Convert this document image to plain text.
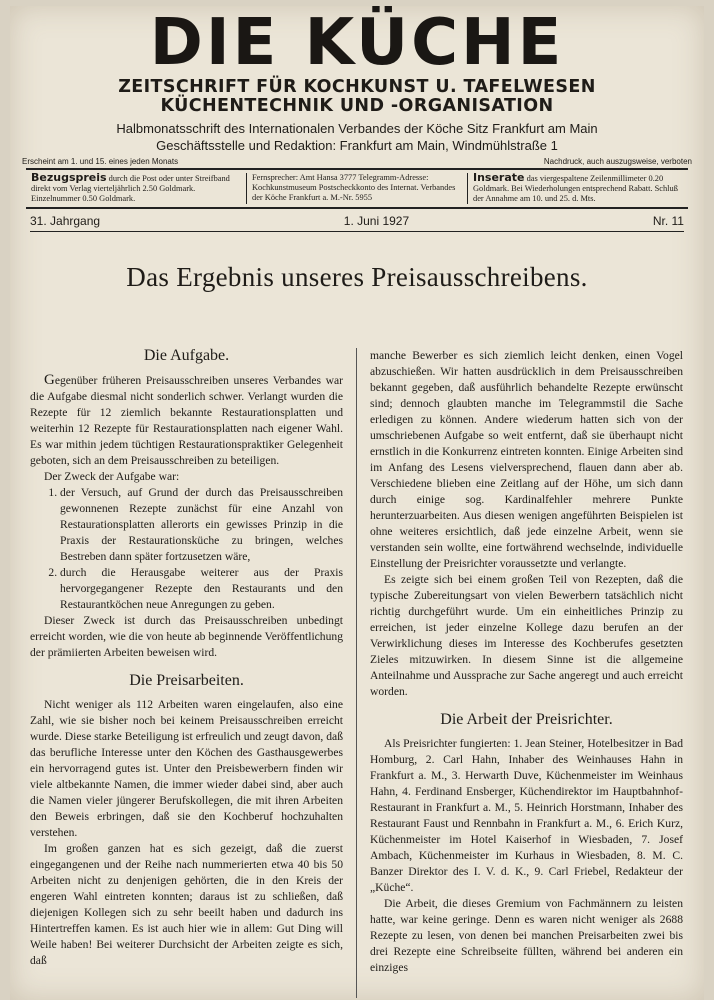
DIE KÜCHE
ZEITSCHRIFT FÜR KOCHKUNST U. TAFELWESEN
KÜCHENTECHNIK UND -ORGANISATION
Halbmonatsschrift des Internationalen Verbandes der Köche Sitz Frankfurt am Main
Geschäftsstelle und Redaktion: Frankfurt am Main, Windmühlstraße 1
Erscheint am 1. und 15. eines jeden Monats	Nachdruck, auch auszugsweise, verboten
Bezugspreis durch die Post oder unter Streifband direkt vom Verlag vierteljährlich 2.50 Goldmark. Einzelnummer 0.50 Goldmark.
Fernsprecher: Amt Hansa 3777 Telegramm-Adresse: Kochkunstmuseum Postscheckkonto des Internat. Verbandes der Köche Frankfurt a. M.-Nr. 5955
Inserate das viergespaltene Zeilenmillimeter 0.20 Goldmark. Bei Wiederholungen entsprechend Rabatt. Schluß der Annahme am 10. und 25. d. Mts.
31. Jahrgang	1. Juni 1927	Nr. 11
Das Ergebnis unseres Preisausschreibens.
Die Aufgabe.

Gegenüber früheren Preisausschreiben unseres Verbandes war die Aufgabe diesmal nicht sonderlich schwer. Verlangt wurden die Rezepte für 12 ziemlich bekannte Restaurationsplatten und weiterhin 12 Rezepte für Restaurationsplatten nach eigener Wahl. Es war mithin jedem tüchtigen Restaurationspraktiker Gelegenheit geboten, sich an dem Preisausschreiben zu beteiligen.

Der Zweck der Aufgabe war:

1. der Versuch, auf Grund der durch das Preisausschreiben gewonnenen Rezepte zunächst für eine Anzahl von Restaurationsplatten allerorts ein gewisses Prinzip in die Praxis der Restaurationsküche zu bringen, welches Bestreben dann später fortzusetzen wäre,
2. durch die Herausgabe weiterer aus der Praxis hervorgegangener Rezepte den Restaurants und den Restaurantköchen neue Anregungen zu geben.

Dieser Zweck ist durch das Preisausschreiben unbedingt erreicht worden, wie die von heute ab beginnende Veröffentlichung der prämiierten Arbeiten beweisen wird.

Die Preisarbeiten.

Nicht weniger als 112 Arbeiten waren eingelaufen, also eine Zahl, wie sie bisher noch bei keinem Preisausschreiben erreicht wurde. Diese starke Beteiligung ist erfreulich und zeugt davon, daß das berufliche Interesse unter den Köchen des Gasthausgewerbes ein hervorragend gutes ist. Unter den Preisbewerbern finden wir viele altbekannte Namen, die immer wieder dabei sind, aber auch die Namen vieler jüngerer Berufskollegen, die mit ihren Arbeiten den Beweis erbringen, daß sie den Kochberuf hochzuhalten verstehen.

Im großen ganzen hat es sich gezeigt, daß die zuerst eingegangenen und der Reihe nach nummerierten etwa 40 bis 50 Arbeiten nicht zu denjenigen gehörten, die in den Kreis der engeren Wahl eintreten konnten; daraus ist zu schließen, daß diejenigen Kollegen sich zu sehr beeilt haben und dadurch ins Hintertreffen kamen. Es ist auch hier wie in allem: Gut Ding will Weile haben! Bei weiterer Durchsicht der Arbeiten zeigte es sich, daß

manche Bewerber es sich ziemlich leicht denken, einen Vogel abzuschießen. Wir hatten ausdrücklich in dem Preisausschreiben bekannt gegeben, daß ausführlich behandelte Rezepte erwünscht sind; dennoch glaubten manche im Telegrammstil die Sache erledigen zu können. Andere wiederum hatten sich von der umschriebenen Aufgabe so weit entfernt, daß sie überhaupt nicht ernstlich in die Konkurrenz eintreten konnten. Einige Arbeiten sind im Anfang des Lesens vielversprechend, flauen dann aber ab. Verschiedene blieben eine Zeitlang auf der Höhe, um sich dann durch einige sog. Kardinalfehler mehrere Punkte herunterzuarbeiten. Aus diesen wenigen angeführten Beispielen ist ohne weiteres ersichtlich, daß jede einzelne Arbeit, wenn sie verstanden sein wollte, eine fortwährend wechselnde, individuelle Einstellung der Preisrichter voraussetzte und verlangte.

Es zeigte sich bei einem großen Teil von Rezepten, daß die typische Zubereitungsart von vielen Bewerbern tatsächlich nicht richtig durchgeführt wurde. Um ein einheitliches Prinzip zu erreichen, ist jeder einzelne Kollege dazu berufen an der Verwirklichung dieses im Interesse des Kochberufes gesetzten Zieles mitzuwirken. In diesem Sinne ist die allgemeine Anteilnahme und Aussprache zur Sache angeregt und auch erreicht worden.

Die Arbeit der Preisrichter.

Als Preisrichter fungierten: 1. Jean Steiner, Hotelbesitzer in Bad Homburg, 2. Carl Hahn, Inhaber des Weinhauses Hahn in Frankfurt a. M., 3. Herwarth Duve, Küchenmeister im Weinhaus Hahn, 4. Ferdinand Ensberger, Küchendirektor im Hauptbahnhof-Restaurant in Frankfurt a. M., 5. Heinrich Horstmann, Inhaber des Restaurant Faust und Rennbahn in Frankfurt a. M., 6. Erich Kurz, Küchenmeister im Hotel Kaiserhof in Wiesbaden, 7. Josef Ambach, Küchenmeister im Kurhaus in Wiesbaden, 8. M. C. Banzer Direktor des I. V. d. K., 9. Carl Friebel, Redakteur der „Küche“.

Die Arbeit, die dieses Gremium von Fachmännern zu leisten hatte, war keine geringe. Denn es waren nicht weniger als 2688 Rezepte zu lesen, von denen bei manchen Preisarbeiten zwei bis drei Rezepte eine Schreibseite füllten, während bei anderen ein einziges
